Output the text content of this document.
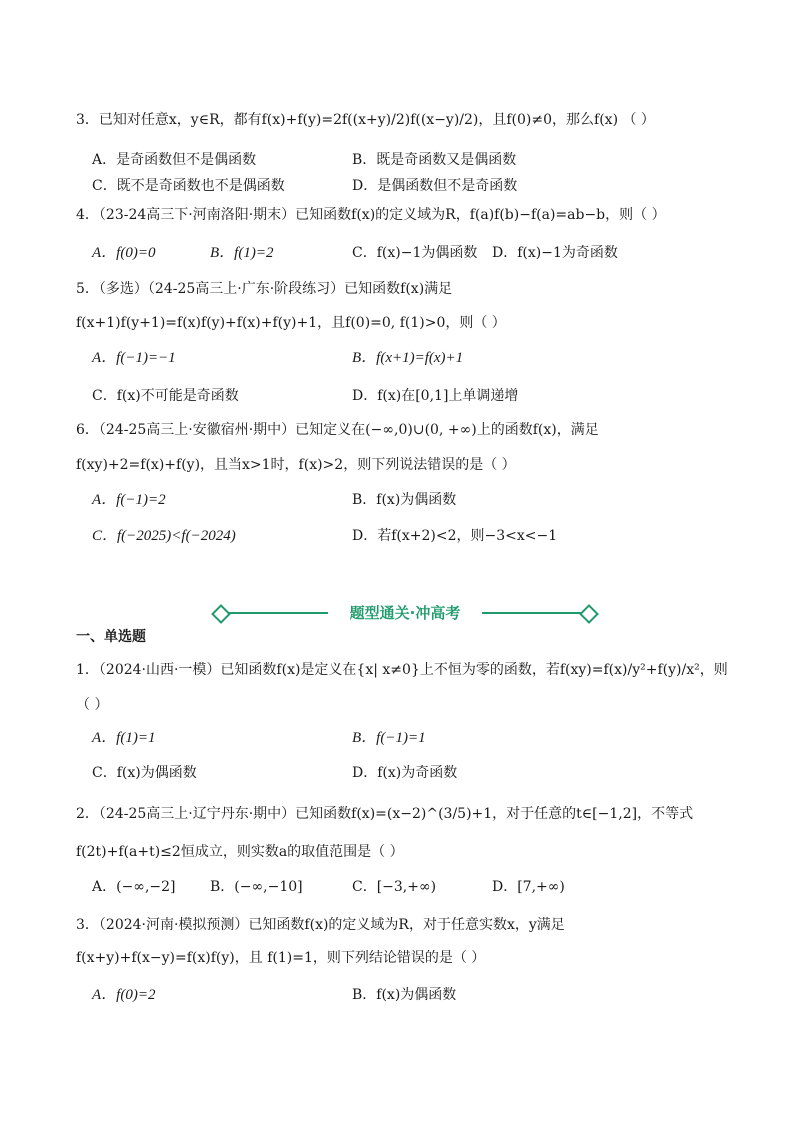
3．已知对任意x，y∈R，都有f(x)+f(y)=2f((x+y)/2)f((x−y)/2)，且f(0)≠0，那么f(x) （ ）
A．是奇函数但不是偶函数	B．既是奇函数又是偶函数
C．既不是奇函数也不是偶函数	D．是偶函数但不是奇函数
4．（23-24高三下·河南洛阳·期末）已知函数f(x)的定义域为R，f(a)f(b)−f(a)=ab−b，则（ ）
A．f(0)=0	B．f(1)=2	C．f(x)−1为偶函数 D．f(x)−1为奇函数
5．（多选）（24-25高三上·广东·阶段练习）已知函数f(x)满足
f(x+1)f(y+1)=f(x)f(y)+f(x)+f(y)+1，且f(0)=0, f(1)>0，则（ ）
A．f(−1)=−1	B．f(x+1)=f(x)+1
C．f(x)不可能是奇函数	D．f(x)在[0,1]上单调递增
6．（24-25高三上·安徽宿州·期中）已知定义在(−∞,0)∪(0, +∞)上的函数f(x)，满足
f(xy)+2=f(x)+f(y)，且当x>1时，f(x)>2，则下列说法错误的是（ ）
A．f(−1)=2	B．f(x)为偶函数
C．f(−2025)<f(−2024)	D．若f(x+2)<2，则−3<x<−1
题型通关·冲高考
一、单选题
1．（2024·山西·一模）已知函数f(x)是定义在{x| x≠0}上不恒为零的函数，若f(xy)=f(x)/y²+f(y)/x²，则
（ ）
A．f(1)=1	B．f(−1)=1
C．f(x)为偶函数	D．f(x)为奇函数
2．（24-25高三上·辽宁丹东·期中）已知函数f(x)=(x−2)^(3/5)+1，对于任意的t∈[−1,2]，不等式
f(2t)+f(a+t)≤2恒成立，则实数a的取值范围是（ ）
A．(−∞,−2] B．(−∞,−10]	C．[−3,+∞)	D．[7,+∞)
3．（2024·河南·模拟预测）已知函数f(x)的定义域为R，对于任意实数x，y满足
f(x+y)+f(x−y)=f(x)f(y)，且 f(1)=1，则下列结论错误的是（ ）
A．f(0)=2	B．f(x)为偶函数
